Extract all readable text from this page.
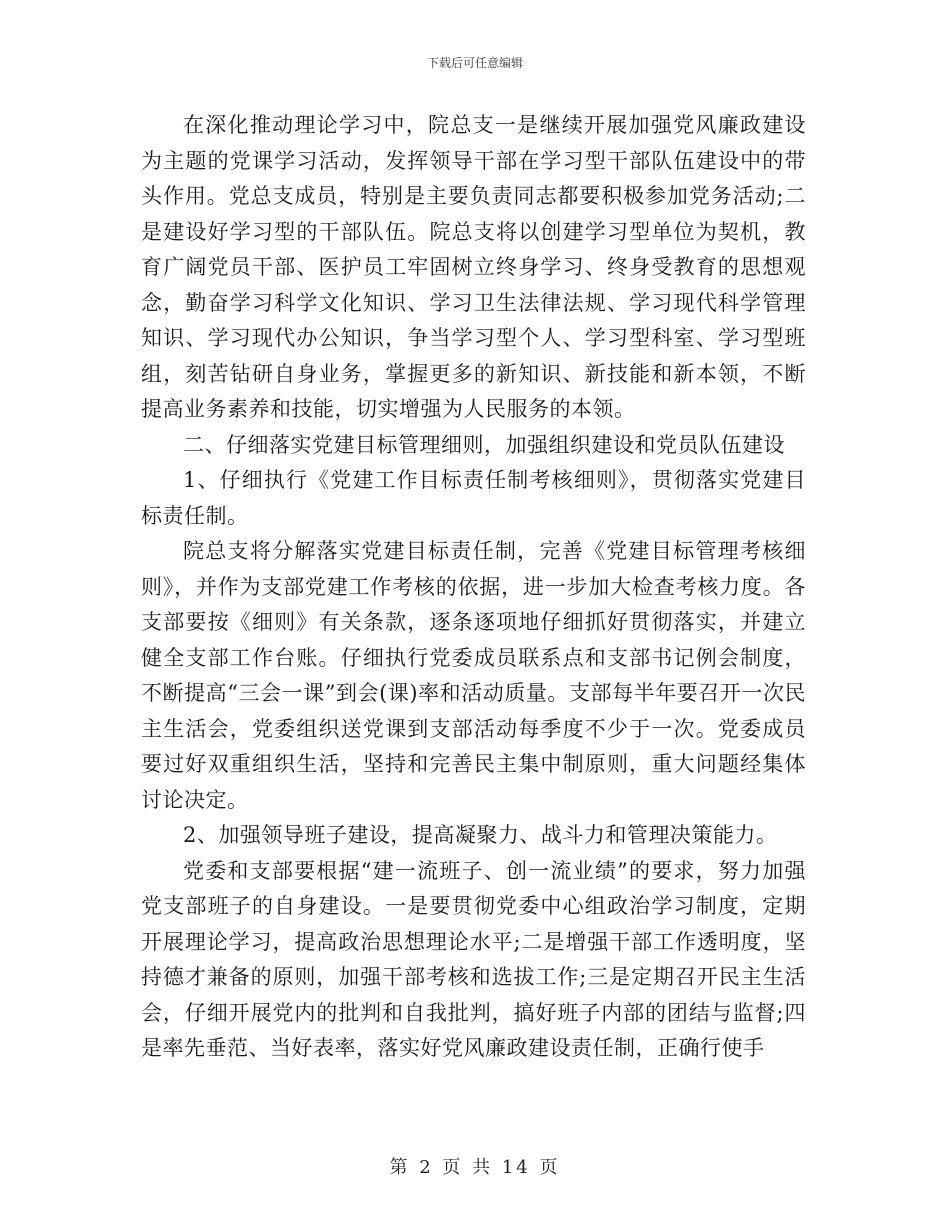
下载后可任意编辑

在深化推动理论学习中，院总支一是继续开展加强党风廉政建设为主题的党课学习活动，发挥领导干部在学习型干部队伍建设中的带头作用。党总支成员，特别是主要负责同志都要积极参加党务活动;二是建设好学习型的干部队伍。院总支将以创建学习型单位为契机，教育广阔党员干部、医护员工牢固树立终身学习、终身受教育的思想观念，勤奋学习科学文化知识、学习卫生法律法规、学习现代科学管理知识、学习现代办公知识，争当学习型个人、学习型科室、学习型班组，刻苦钻研自身业务，掌握更多的新知识、新技能和新本领，不断提高业务素养和技能，切实增强为人民服务的本领。

二、仔细落实党建目标管理细则，加强组织建设和党员队伍建设

1、仔细执行《党建工作目标责任制考核细则》，贯彻落实党建目标责任制。

院总支将分解落实党建目标责任制，完善《党建目标管理考核细则》，并作为支部党建工作考核的依据，进一步加大检查考核力度。各支部要按《细则》有关条款，逐条逐项地仔细抓好贯彻落实，并建立健全支部工作台账。仔细执行党委成员联系点和支部书记例会制度，不断提高“三会一课”到会(课)率和活动质量。支部每半年要召开一次民主生活会，党委组织送党课到支部活动每季度不少于一次。党委成员要过好双重组织生活，坚持和完善民主集中制原则，重大问题经集体讨论决定。

2、加强领导班子建设，提高凝聚力、战斗力和管理决策能力。

党委和支部要根据“建一流班子、创一流业绩”的要求，努力加强党支部班子的自身建设。一是要贯彻党委中心组政治学习制度，定期开展理论学习，提高政治思想理论水平;二是增强干部工作透明度，坚持德才兼备的原则，加强干部考核和选拔工作;三是定期召开民主生活会，仔细开展党内的批判和自我批判，搞好班子内部的团结与监督;四是率先垂范、当好表率，落实好党风廉政建设责任制，正确行使手

第 2 页 共 14 页
